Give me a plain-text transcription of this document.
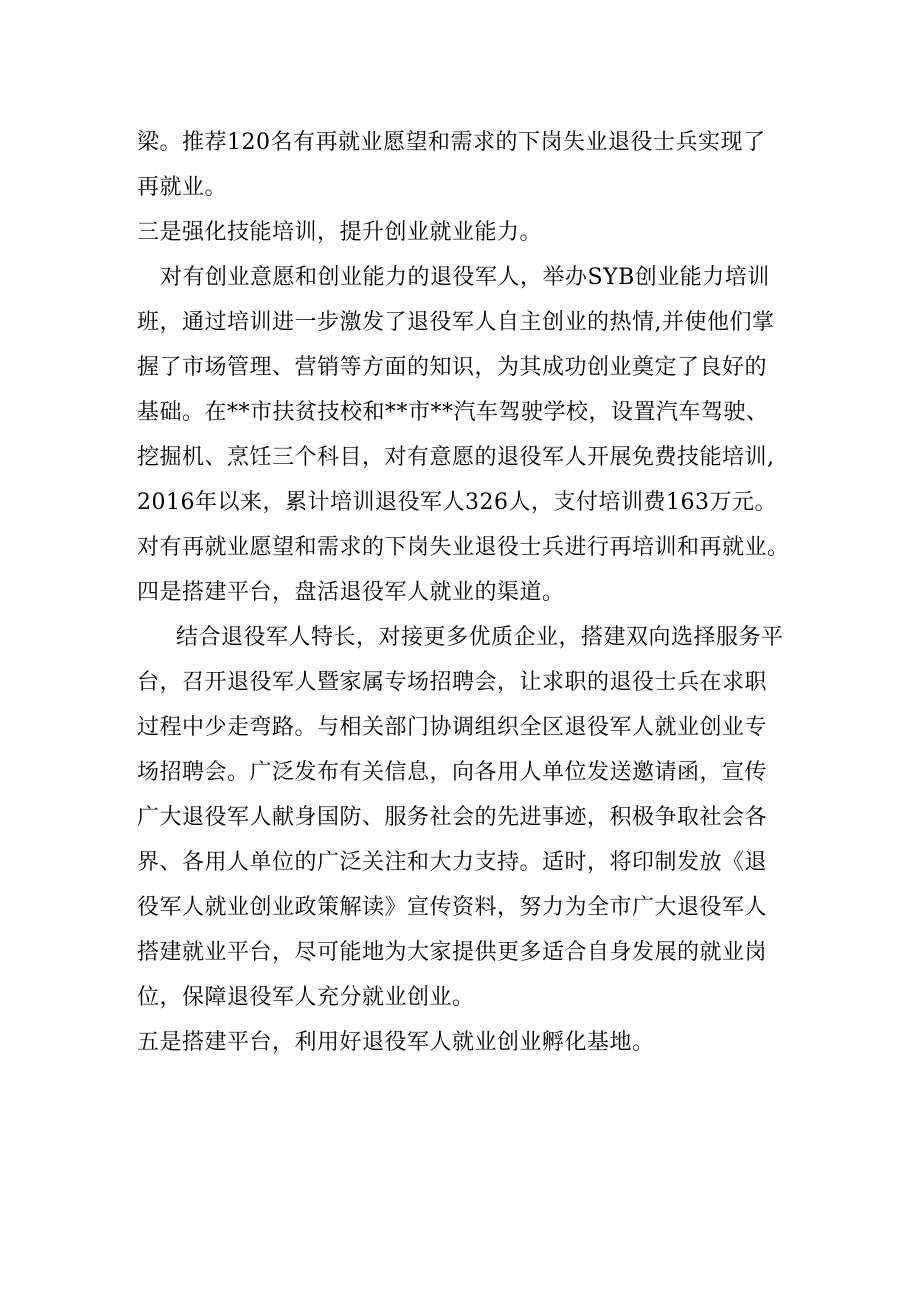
梁。推荐120名有再就业愿望和需求的下岗失业退役士兵实现了
再就业。
三是强化技能培训，提升创业就业能力。
对有创业意愿和创业能力的退役军人，举办SYB创业能力培训
班，通过培训进一步激发了退役军人自主创业的热情,并使他们掌
握了市场管理、营销等方面的知识，为其成功创业奠定了良好的
基础。在**市扶贫技校和**市**汽车驾驶学校，设置汽车驾驶、
挖掘机、烹饪三个科目，对有意愿的退役军人开展免费技能培训,
2016年以来，累计培训退役军人326人，支付培训费163万元。
对有再就业愿望和需求的下岗失业退役士兵进行再培训和再就业。
四是搭建平台，盘活退役军人就业的渠道。
结合退役军人特长，对接更多优质企业，搭建双向选择服务平
台，召开退役军人暨家属专场招聘会，让求职的退役士兵在求职
过程中少走弯路。与相关部门协调组织全区退役军人就业创业专
场招聘会。广泛发布有关信息，向各用人单位发送邀请函，宣传
广大退役军人献身国防、服务社会的先进事迹，积极争取社会各
界、各用人单位的广泛关注和大力支持。适时，将印制发放《退
役军人就业创业政策解读》宣传资料，努力为全市广大退役军人
搭建就业平台，尽可能地为大家提供更多适合自身发展的就业岗
位，保障退役军人充分就业创业。
五是搭建平台，利用好退役军人就业创业孵化基地。
